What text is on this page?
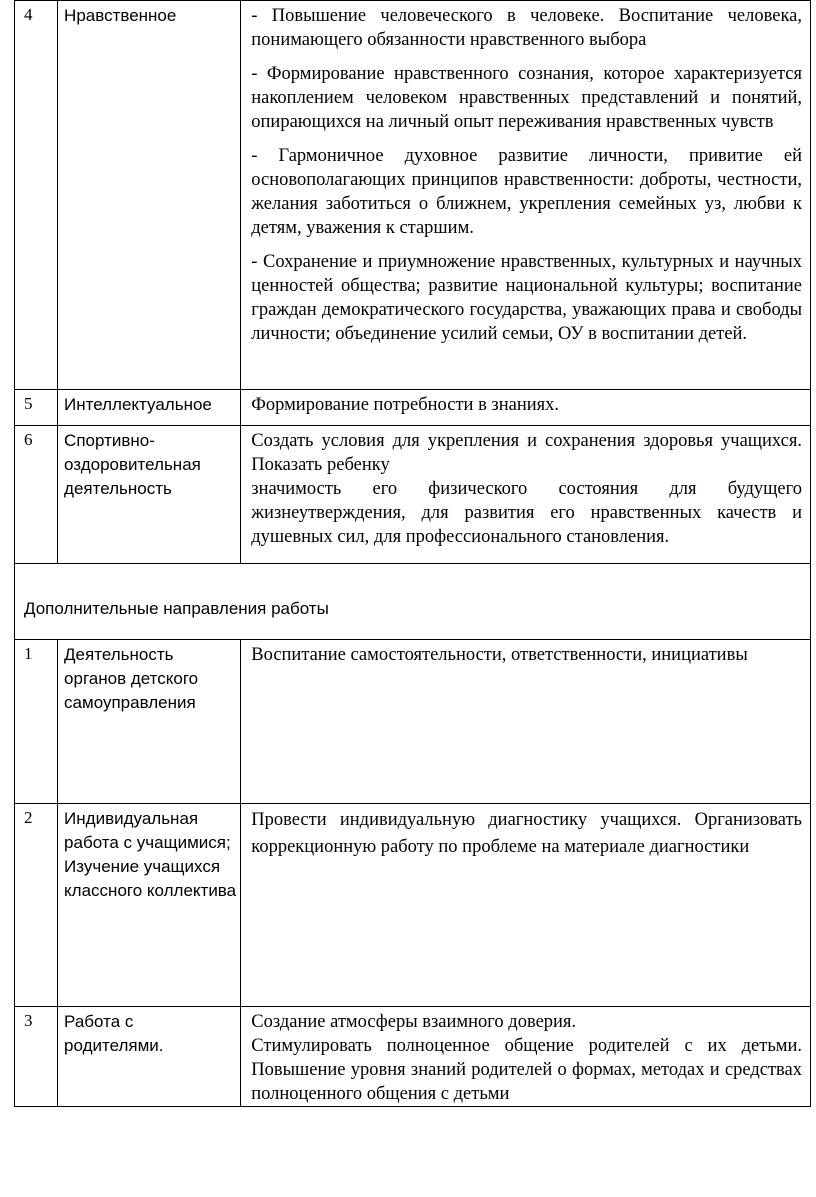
4	Нравственное	- Повышение человеческого в человеке. Воспитание человека, понимающего обязанности нравственного выбора

- Формирование нравственного сознания, которое характеризуется накоплением человеком нравственных представлений и понятий, опирающихся на личный опыт переживания нравственных чувств

- Гармоничное духовное развитие личности, привитие ей основополагающих принципов нравственности: доброты, честности, желания заботиться о ближнем, укрепления семейных уз, любви к детям, уважения к старшим.

- Сохранение и приумножение нравственных, культурных и научных ценностей общества; развитие национальной культуры; воспитание граждан демократического государства, уважающих права и свободы личности; объединение усилий семьи, ОУ в воспитании детей.

5	Интеллектуальное	Формирование потребности в знаниях.

6	Спортивно-оздоровительная деятельность	Создать условия для укрепления и сохранения здоровья учащихся. Показать ребенку

значимость его физического состояния для будущего жизнеутверждения, для развития его нравственных качеств и душевных сил, для профессионального становления.

Дополнительные направления работы		
1	Деятельность органов детского самоуправления	Воспитание самостоятельности, ответственности, инициативы

2	Индивидуальная работа с учащимися; Изучение учащихся классного коллектива	Провести индивидуальную диагностику учащихся. Организовать коррекционную работу по проблеме на материале диагностики

3	Работа с родителями.	Создание атмосферы взаимного доверия.

Стимулировать полноценное общение родителей с их детьми. Повышение уровня знаний родителей о формах, методах и средствах полноценного общения с детьми
